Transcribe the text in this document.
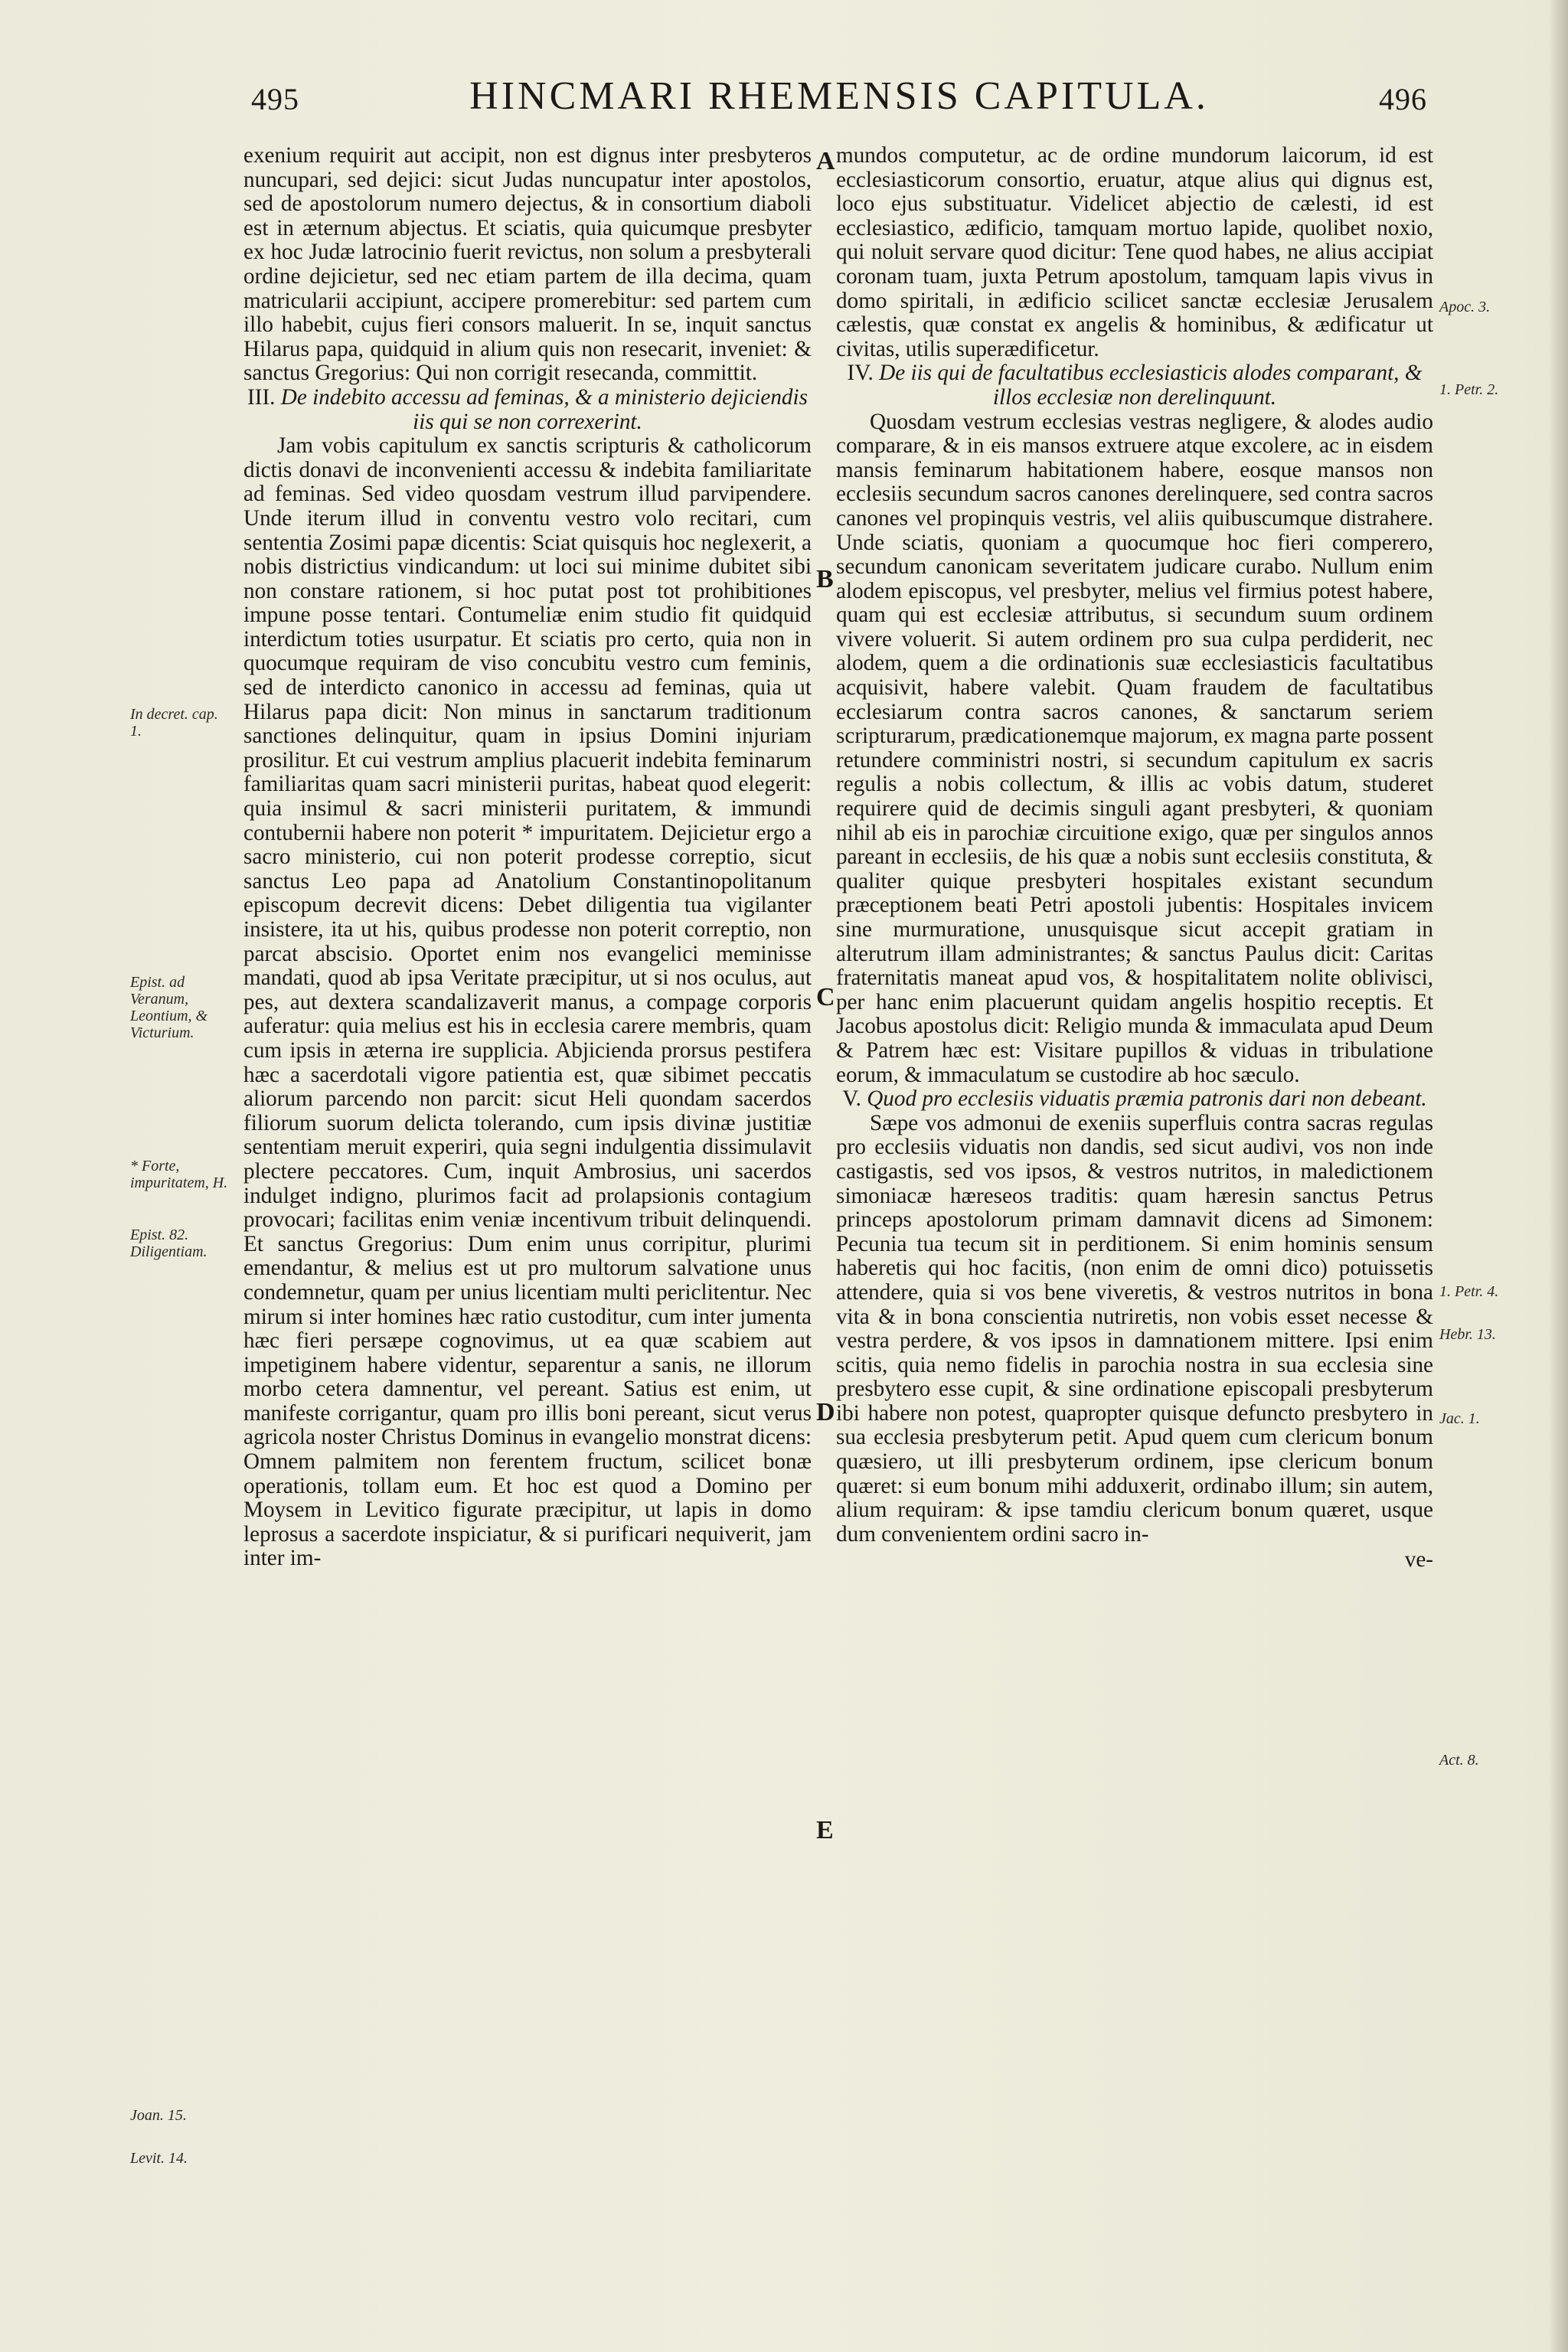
495	HINCMARI RHEMENSIS CAPITULA.	496

exenium requirit aut accipit, non est dignus inter presbyteros nuncupari, sed dejici: sicut Judas nuncupatur inter apostolos, sed de apostolorum numero dejectus, & in consortium diaboli est in æternum abjectus. Et sciatis, quia quicumque presbyter ex hoc Judæ latrocinio fuerit revictus, non solum a presbyterali ordine dejicietur, sed nec etiam partem de illa decima, quam matricularii accipiunt, accipere promerebitur: sed partem cum illo habebit, cujus fieri consors maluerit. In se, inquit sanctus Hilarus papa, quidquid in alium quis non resecarit, inveniet: & sanctus Gregorius: Qui non corrigit resecanda, committit.

III. De indebito accessu ad feminas, & a ministerio dejiciendis iis qui se non correxerint.

Jam vobis capitulum ex sanctis scripturis & catholicorum dictis donavi de inconvenienti accessu & indebita familiaritate ad feminas. Sed video quosdam vestrum illud parvipendere. Unde iterum illud in conventu vestro volo recitari, cum sententia Zosimi papæ dicentis: Sciat quisquis hoc neglexerit, a nobis districtius vindicandum: ut loci sui minime dubitet sibi non constare rationem, si hoc putat post tot prohibitiones impune posse tentari. Contumeliæ enim studio fit quidquid interdictum toties usurpatur. Et sciatis pro certo, quia non in quocumque requiram de viso concubitu vestro cum feminis, sed de interdicto canonico in accessu ad feminas, quia ut Hilarus papa dicit: Non minus in sanctarum traditionum sanctiones delinquitur, quam in ipsius Domini injuriam prosilitur. Et cui vestrum amplius placuerit indebita feminarum familiaritas quam sacri ministerii puritas, habeat quod elegerit: quia insimul & sacri ministerii puritatem, & immundi contubernii habere non poterit * impuritatem. Dejicietur ergo a sacro ministerio, cui non poterit prodesse correptio, sicut sanctus Leo papa ad Anatolium Constantinopolitanum episcopum decrevit dicens: Debet diligentia tua vigilanter insistere, ita ut his, quibus prodesse non poterit correptio, non parcat abscisio. Oportet enim nos evangelici meminisse mandati, quod ab ipsa Veritate præcipitur, ut si nos oculus, aut pes, aut dextera scandalizaverit manus, a compage corporis auferatur: quia melius est his in ecclesia carere membris, quam cum ipsis in æterna ire supplicia. Abjicienda prorsus pestifera hæc a sacerdotali vigore patientia est, quæ sibimet peccatis aliorum parcendo non parcit: sicut Heli quondam sacerdos filiorum suorum delicta tolerando, cum ipsis divinæ justitiæ sententiam meruit experiri, quia segni indulgentia dissimulavit plectere peccatores. Cum, inquit Ambrosius, uni sacerdos indulget indigno, plurimos facit ad prolapsionis contagium provocari; facilitas enim veniæ incentivum tribuit delinquendi. Et sanctus Gregorius: Dum enim unus corripitur, plurimi emendantur, & melius est ut pro multorum salvatione unus condemnetur, quam per unius licentiam multi periclitentur. Nec mirum si inter homines hæc ratio custoditur, cum inter jumenta hæc fieri persæpe cognovimus, ut ea quæ scabiem aut impetiginem habere videntur, separentur a sanis, ne illorum morbo cetera damnentur, vel pereant. Satius est enim, ut manifeste corrigantur, quam pro illis boni pereant, sicut verus agricola noster Christus Dominus in evangelio monstrat dicens: Omnem palmitem non ferentem fructum, scilicet bonæ operationis, tollam eum. Et hoc est quod a Domino per Moysem in Levitico figurate præcipitur, ut lapis in domo leprosus a sacerdote inspiciatur, & si purificari nequiverit, jam inter im-

mundos computetur, ac de ordine mundorum laicorum, id est ecclesiasticorum consortio, eruatur, atque alius qui dignus est, loco ejus substituatur. Videlicet abjectio de cælesti, id est ecclesiastico, ædificio, tamquam mortuo lapide, quolibet noxio, qui noluit servare quod dicitur: Tene quod habes, ne alius accipiat coronam tuam, juxta Petrum apostolum, tamquam lapis vivus in domo spiritali, in ædificio scilicet sanctæ ecclesiæ Jerusalem cælestis, quæ constat ex angelis & hominibus, & ædificatur ut civitas, utilis superædificetur.

IV. De iis qui de facultatibus ecclesiasticis alodes comparant, & illos ecclesiæ non derelinquunt.

Quosdam vestrum ecclesias vestras negligere, & alodes audio comparare, & in eis mansos extruere atque excolere, ac in eisdem mansis feminarum habitationem habere, eosque mansos non ecclesiis secundum sacros canones derelinquere, sed contra sacros canones vel propinquis vestris, vel aliis quibuscumque distrahere. Unde sciatis, quoniam a quocumque hoc fieri comperero, secundum canonicam severitatem judicare curabo. Nullum enim alodem episcopus, vel presbyter, melius vel firmius potest habere, quam qui est ecclesiæ attributus, si secundum suum ordinem vivere voluerit. Si autem ordinem pro sua culpa perdiderit, nec alodem, quem a die ordinationis suæ ecclesiasticis facultatibus acquisivit, habere valebit. Quam fraudem de facultatibus ecclesiarum contra sacros canones, & sanctarum seriem scripturarum, prædicationemque majorum, ex magna parte possent retundere comministri nostri, si secundum capitulum ex sacris regulis a nobis collectum, & illis ac vobis datum, studeret requirere quid de decimis singuli agant presbyteri, & quoniam nihil ab eis in parochiæ circuitione exigo, quæ per singulos annos pareant in ecclesiis, de his quæ a nobis sunt ecclesiis constituta, & qualiter quique presbyteri hospitales existant secundum præceptionem beati Petri apostoli jubentis: Hospitales invicem sine murmuratione, unusquisque sicut accepit gratiam in alterutrum illam administrantes; & sanctus Paulus dicit: Caritas fraternitatis maneat apud vos, & hospitalitatem nolite oblivisci, per hanc enim placuerunt quidam angelis hospitio receptis. Et Jacobus apostolus dicit: Religio munda & immaculata apud Deum & Patrem hæc est: Visitare pupillos & viduas in tribulatione eorum, & immaculatum se custodire ab hoc sæculo.

V. Quod pro ecclesiis viduatis præmia patronis dari non debeant.

Sæpe vos admonui de exeniis superfluis contra sacras regulas pro ecclesiis viduatis non dandis, sed sicut audivi, vos non inde castigastis, sed vos ipsos, & vestros nutritos, in maledictionem simoniacæ hæreseos traditis: quam hæresin sanctus Petrus princeps apostolorum primam damnavit dicens ad Simonem: Pecunia tua tecum sit in perditionem. Si enim hominis sensum haberetis qui hoc facitis, (non enim de omni dico) potuissetis attendere, quia si vos bene viveretis, & vestros nutritos in bona vita & in bona conscientia nutriretis, non vobis esset necesse & vestra perdere, & vos ipsos in damnationem mittere. Ipsi enim scitis, quia nemo fidelis in parochia nostra in sua ecclesia sine presbytero esse cupit, & sine ordinatione episcopali presbyterum ibi habere non potest, quapropter quisque defuncto presbytero in sua ecclesia presbyterum petit. Apud quem cum clericum bonum quæsiero, ut illi presbyterum ordinem, ipse clericum bonum quæret: si eum bonum mihi adduxerit, ordinabo illum; sin autem, alium requiram: & ipse tamdiu clericum bonum quæret, usque dum convenientem ordini sacro in-

ve-

A
B
C
D
E
In decret. cap. 1.
Epist. ad Veranum, Leontium, & Victurium.
* Forte, impuritatem, H.
Epist. 82. Diligentiam.
Joan. 15.
Levit. 14.
Apoc. 3.
1. Petr. 2.
1. Petr. 4.
Hebr. 13.
Jac. 1.
Act. 8.
